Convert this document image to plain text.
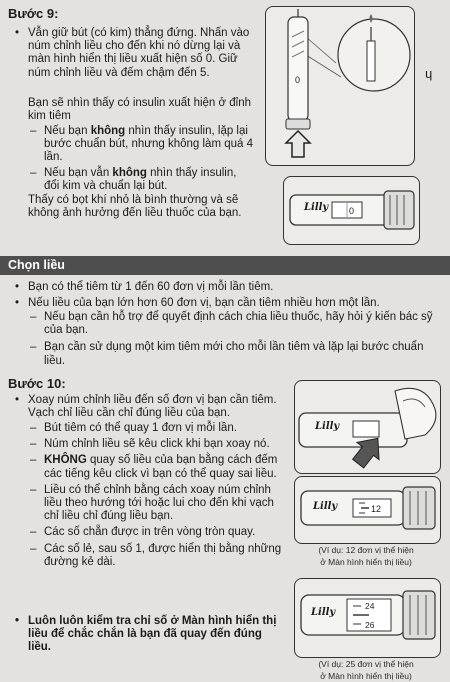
Bước 9:
• Vẫn giữ bút (có kim) thẳng đứng. Nhấn vào núm chỉnh liều cho đến khi nó dừng lại và màn hình hiển thị liều xuất hiện số 0. Giữ núm chỉnh liều và đếm chậm đến 5.

Bạn sẽ nhìn thấy có insulin xuất hiện ở đỉnh kim tiêm

– Nếu bạn không nhìn thấy insulin, lặp lại bước chuẩn bút, nhưng không làm quá 4 lần.
– Nếu bạn vẫn không nhìn thấy insulin, đổi kim và chuẩn lại bút.

Thấy có bọt khí nhỏ là bình thường và sẽ không ảnh hưởng đến liều thuốc của bạn.

ɥ
0
0
Lilly
Chọn liều
• Bạn có thể tiêm từ 1 đến 60 đơn vị mỗi lần tiêm.
• Nếu liều của bạn lớn hơn 60 đơn vị, bạn cần tiêm nhiều hơn một lần.
– Nếu bạn cần hỗ trợ để quyết định cách chia liều thuốc, hãy hỏi ý kiến bác sỹ của bạn.
– Bạn cần sử dụng một kim tiêm mới cho mỗi lần tiêm và lặp lại bước chuẩn liều.
Bước 10:
• Xoay núm chỉnh liều đến số đơn vị bạn cần tiêm. Vạch chỉ liều cần chỉ đúng liều của bạn.
– Bút tiêm có thể quay 1 đơn vị mỗi lần.
– Núm chỉnh liều sẽ kêu click khi bạn xoay nó.
– KHÔNG quay số liều của bạn bằng cách đếm các tiếng kêu click vì bạn có thể quay sai liều.
– Liều có thể chỉnh bằng cách xoay núm chỉnh liều theo hướng tới hoặc lui cho đến khi vạch chỉ liều chỉ đúng liều bạn.
– Các số chẵn được in trên vòng tròn quay.
– Các số lẻ, sau số 1, được hiển thị bằng những đường kẻ dài.
• Luôn luôn kiểm tra chỉ số ở Màn hình hiển thị liều để chắc chắn là bạn đã quay đến đúng liều.
Lilly
12
Lilly
(Ví dụ: 12 đơn vị thể hiện
ở Màn hình hiển thị liều)
24
26
Lilly
(Ví dụ: 25 đơn vị thể hiện
ở Màn hình hiển thị liều)
